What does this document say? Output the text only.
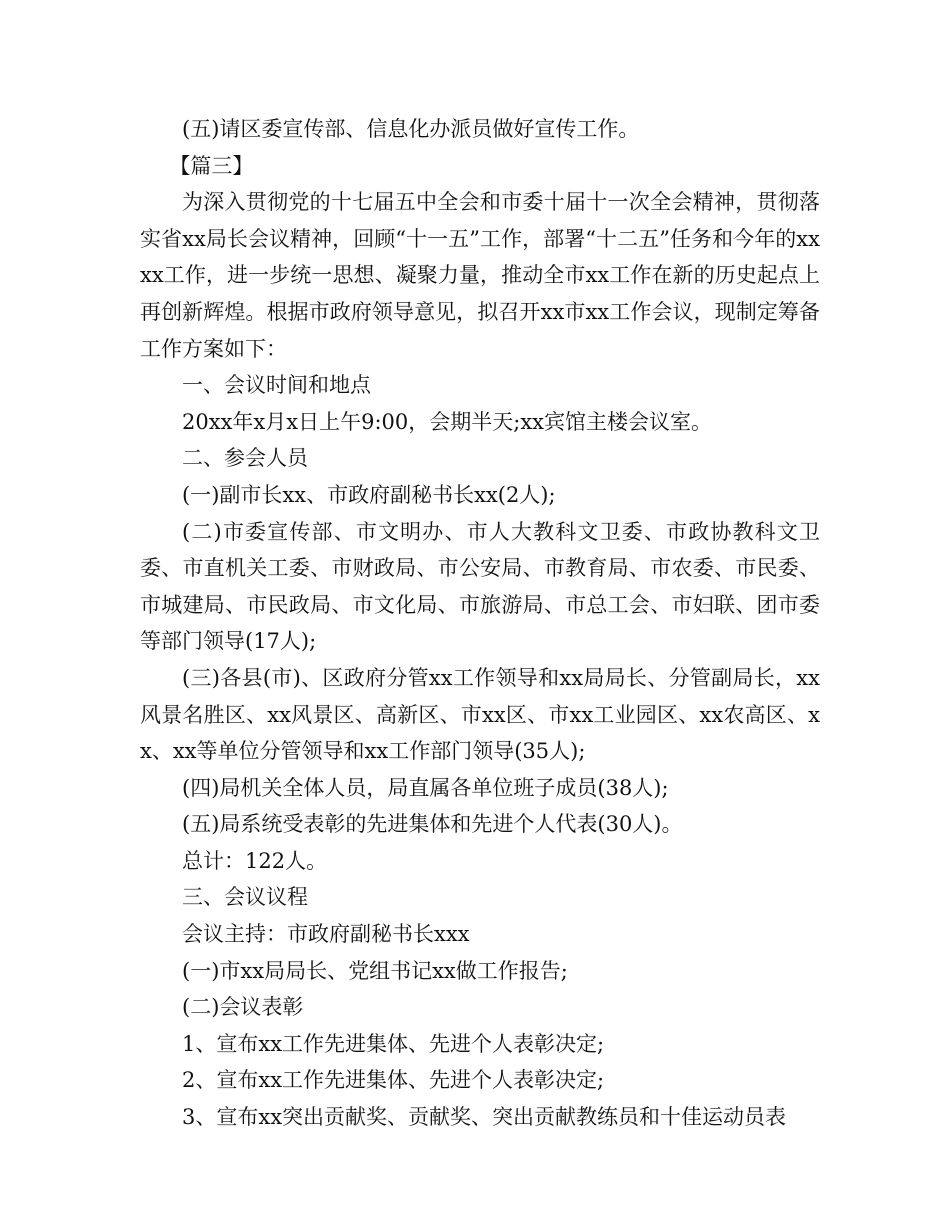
(五)请区委宣传部、信息化办派员做好宣传工作。

【篇三】

为深入贯彻党的十七届五中全会和市委十届十一次全会精神，贯彻落实省xx局长会议精神，回顾“十一五”工作，部署“十二五”任务和今年的xxxx工作，进一步统一思想、凝聚力量，推动全市xx工作在新的历史起点上再创新辉煌。根据市政府领导意见，拟召开xx市xx工作会议，现制定筹备工作方案如下：

一、会议时间和地点

20xx年x月x日上午9:00，会期半天;xx宾馆主楼会议室。

二、参会人员

(一)副市长xx、市政府副秘书长xx(2人);

(二)市委宣传部、市文明办、市人大教科文卫委、市政协教科文卫委、市直机关工委、市财政局、市公安局、市教育局、市农委、市民委、市城建局、市民政局、市文化局、市旅游局、市总工会、市妇联、团市委等部门领导(17人);

(三)各县(市)、区政府分管xx工作领导和xx局局长、分管副局长，xx风景名胜区、xx风景区、高新区、市xx区、市xx工业园区、xx农高区、xx、xx等单位分管领导和xx工作部门领导(35人);

(四)局机关全体人员，局直属各单位班子成员(38人);

(五)局系统受表彰的先进集体和先进个人代表(30人)。

总计：122人。

三、会议议程

会议主持：市政府副秘书长xxx

(一)市xx局局长、党组书记xx做工作报告;

(二)会议表彰

1、宣布xx工作先进集体、先进个人表彰决定;

2、宣布xx工作先进集体、先进个人表彰决定;

3、宣布xx突出贡献奖、贡献奖、突出贡献教练员和十佳运动员表
